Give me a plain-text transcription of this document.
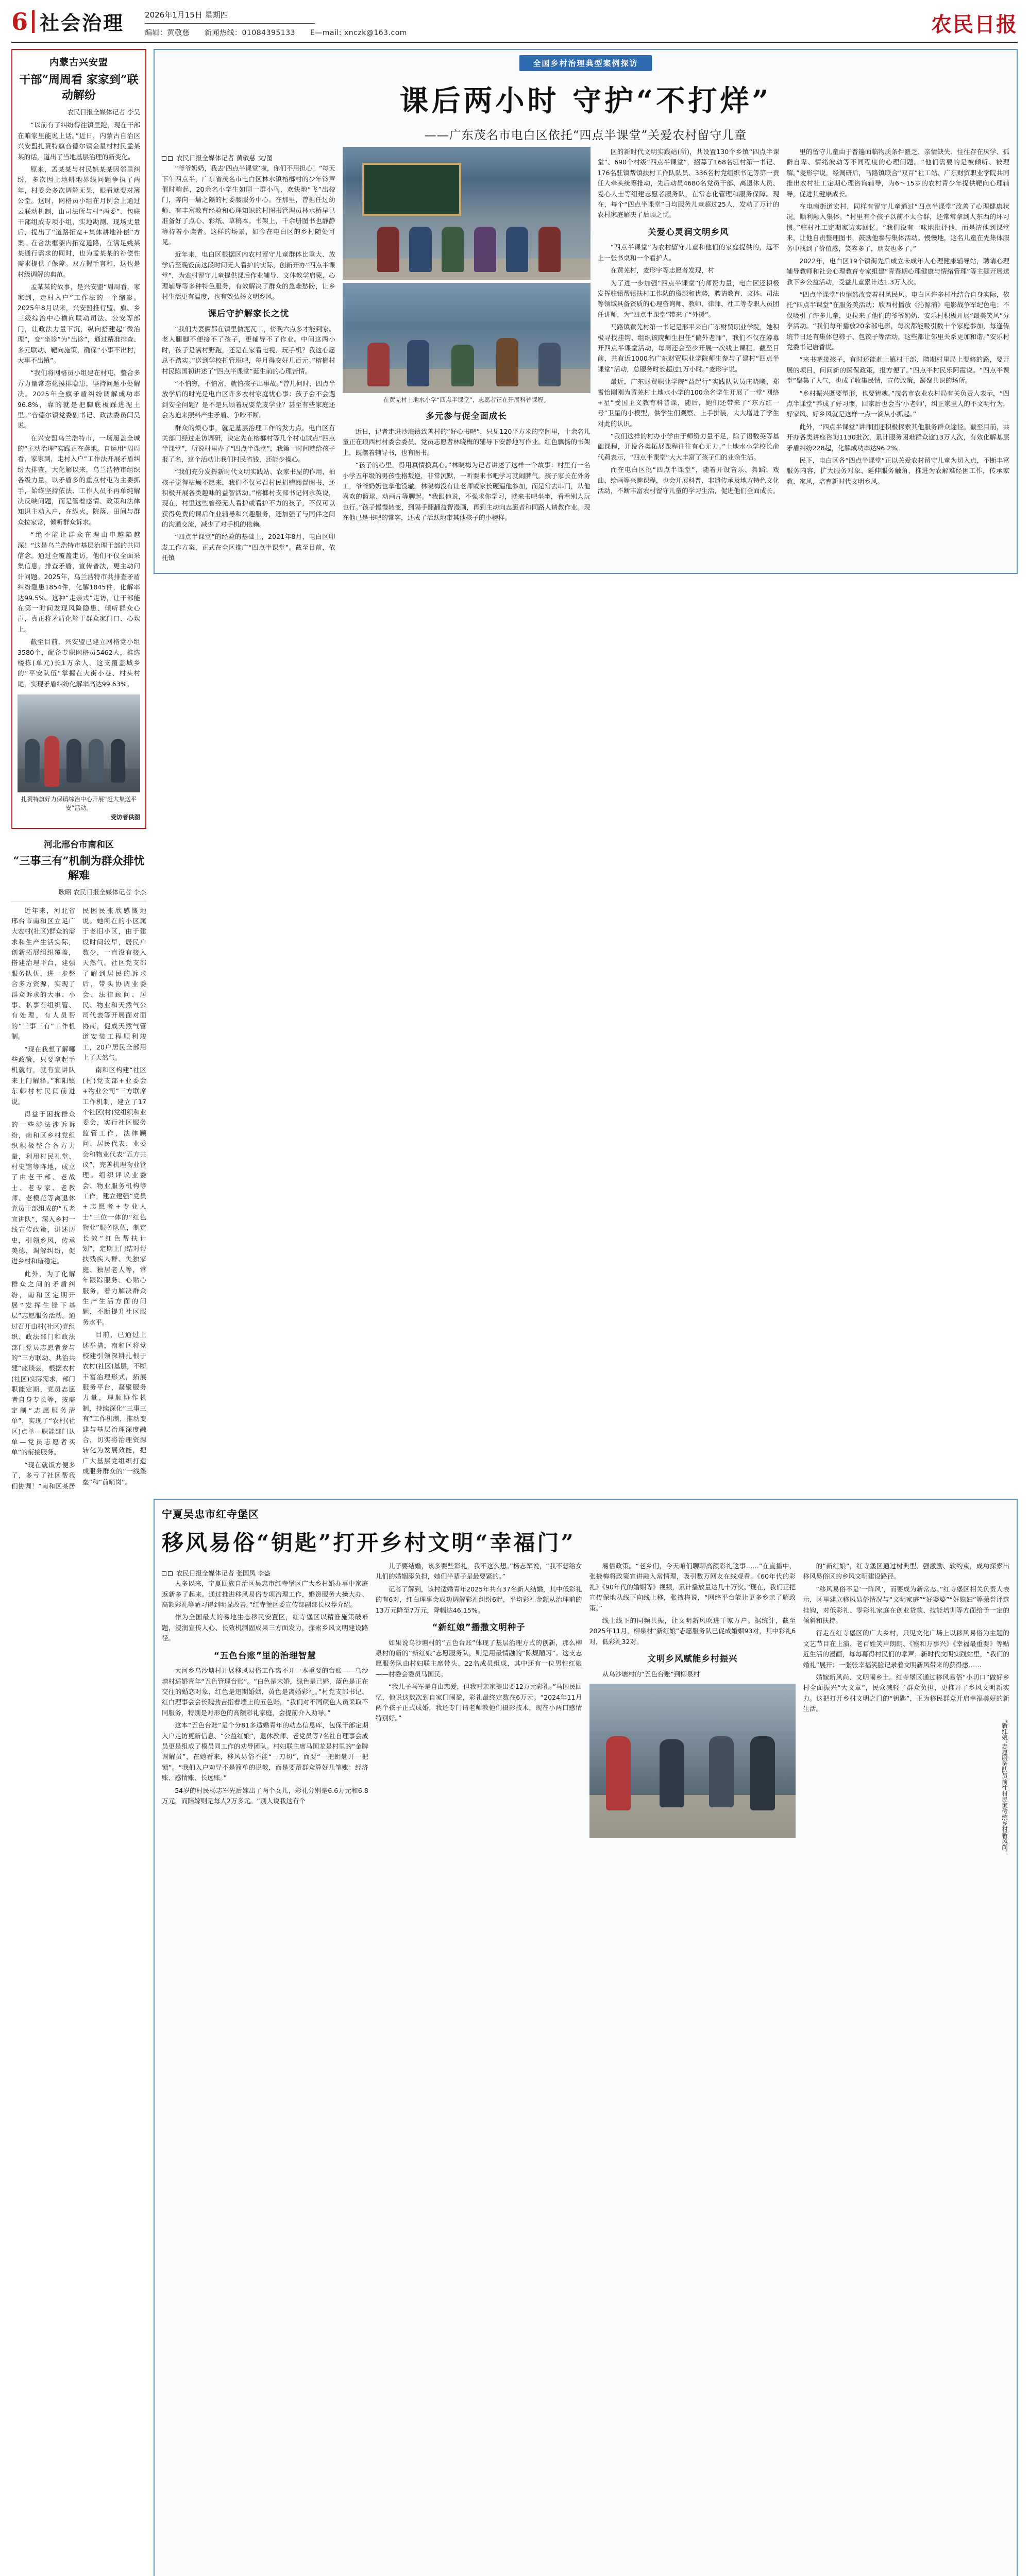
6 社会治理	2026年1月15日 星期四
编辑：黄敬慈　　新闻热线：01084395133　　E—mail: xnczk@163.com	农民日报
内蒙古兴安盟
干部“周周看 家家到”联动解纷
农民日报全媒体记者 李昊

“以前有了纠纷得往镇里跑，现在干部在咱家里能说上话。”近日，内蒙古自治区兴安盟扎赉特旗音德尔镇金星村村民孟某某的话，道出了当地基层治理的新变化。

原来，孟某某与村民姚某某因邻里纠纷，多次因土地耕地界线问题争执了两年，村委会多次调解无果，眼看就要对簿公堂。这时，网格员小组在月例会上通过云联动机制，由司法所与村“两委”、包联干部组成专项小组，实地勘测、现场丈量后，提出了“道路拓宽+集体耕地补偿”方案。在合法框架内拓宽道路，在满足姚某某通行需求的同时，也为孟某某的补偿性需求提供了保障。双方握手言和，这也是村级调解的典范。

孟某某的故事，是兴安盟“周周看，家家到，走村入户”工作法的一个缩影。2025年8月以来，兴安盟推行盟、旗、乡三级综治中心横向联动司法、公安等部门，让政法力量下沉，纵向搭建起“微治理”，变“坐诊”为“出诊”，通过精准排查、多元联动、靶向施策，确保“小事不出村，大事不出镇”。

“我们将网格员小组建在村屯，整合多方力量常态化摸排隐患，坚持问题小处解决。2025年全旗矛盾纠纷调解成功率96.8%，靠的就是把脚底板踩进泥土里。”音德尔镇党委副书记、政法委员闫昊说。

在兴安盟乌兰浩特市，一场履盖全城的“主动治理”实践正在落地。自运用“周周看，家家到，走村入户”工作法开展矛盾纠纷大排查，大化解以来，乌兰浩特市组织各级力量，以矛盾多的重点村屯为主要抓手，始终坚持依法、工作人员不再单纯解决反映问题，而是管着感情、政策和法律知识主动入户，在纵火、院落、田间与群众拉家常，倾听群众诉求。

“绝不能让群众在理由申越陷越深！”这是乌兰浩特市基层治理干部的共同信念。通过全覆盖走访，他们不仅全面采集信息，排查矛盾，宣传普法，更主动问计问题。2025年，乌兰浩特市共排查矛盾纠纷隐患1854件，化解1845件，化解率达99.5%。这种“走亲式”走访，让干部能在第一时间发现风险隐患、倾听群众心声，真正将矛盾化解于群众家门口、心坎上。

截至目前，兴安盟已建立网格党小组3580个，配备专职网格员5462人，推选楼栋(单元)长1万余人，这支覆盖城乡的“平安队伍”掌握在大街小巷、村头村尾，实现矛盾纠纷化解率高达99.63%。

扎赉特旗好力保镇综治中心开展“赶大集送平安”活动。
受访者供图
河北邢台市南和区
“三事三有”机制为群众排忧解难
耿昭 农民日报全媒体记者 李杰

近年来，河北省邢台市南和区立足广大农村(社区)群众的需求和生产生活实际，创新拓展组织覆盖，搭建治理平台，建强服务队伍，进一步整合多方资源，实现了群众诉求的大事、小事、私事有组织管、有处理，有人员帮的“三事三有”工作机制。

“现在我想了解哪些政策，只要拿起手机就行，就有宣讲队来上门解释。”和阳镇东韩村村民闫前进说。

得益于困扰群众的一些涉法涉诉诉纷，南和区乡村党组织积极整合各方力量，利用村民礼堂、村史馆等阵地，成立了由老干部、老战士、老专家、老教师、老模范等离退休党员干部组成的“五老宣讲队”，深入乡村一线宣传政策，讲述历史，引领乡风，传承美德，调解纠纷，促进乡村和谐稳定。

此外，为了化解群众之间的矛盾纠纷，南和区定期开展“发挥生锋下基层”志愿服务活动。通过召开由村(社区)党组织、政法部门和政法部门党员志愿者参与的“三方联动、共治共建”座谈会，根据农村(社区)实际需求，部门职能定期，党员志愿者自身专长等，按需定制“志愿服务清单”，实现了“农村(社区)点单—职能部门认单—党员志愿者买单”的衔接服务。

“现在就饭方便多了，多亏了社区帮我们协调！”南和区某居民困民张欣感慨地说。她所在的小区属于老旧小区，由于建设时间较早，居民户数少，一直没有接入天然气。社区党支部了解到居民的诉求后，带头协调业委会、法律顾问、居民、物业和天然气公司代表等开展面对面协商，促成天然气管道安装工程顺利竣工，20户居民全部用上了天然气。

南和区构建“社区(村)党支部+业委会+物业公司”三方联席工作机制，建立了17个社区(村)党组织和业委会，实行社区服务监管工作，法律顾问、居民代表、业委会和物业代表“五方共议”，完善机理物业管理。组织评议业委会、物业服务机构等工作，建立建强“党员+志愿者+专业人士”三位一体的“红色物业”服务队伍，制定长效“红色帮扶计划”，定期上门结对帮扶残疾人群、失独家庭、独居老人等，常年跟踪服务、心贴心服务，着力解决群众生产生活方面的问题，不断提升社区服务水平。

目前，已通过上述举措，南和区将党校建引领深耕扎根于农村(社区)基层，不断丰富治理形式，拓展服务平台，凝聚服务力量，理顺协作机制，持续深化“三事三有”工作机制，推动变建与基层治理深度融合，切实将治理资源转化为发展效能，把广大基层党组织打造成服务群众的“一线堡垒”和“前哨岗”。

全国乡村治理典型案例探访
课后两小时 守护“不打烊”
——广东茂名市电白区依托“四点半课堂”关爱农村留守儿童
农民日报全媒体记者 黄敬慈 文/图

“爷爷奶奶，我去‘四点半课堂’啦，你们不用担心！”每天下午四点半，广东省茂名市电白区林水镇榕榔村的少年铃声催时响起，20余名小学生如同一群小鸟，欢快地“飞”出校门，奔向一墙之隔的村委腰服务中心。在那里，曾担任过幼师、有丰富教育经验和心理知识的村图书管理员林水桥早已准备好了点心、彩纸、草稿本。书架上，千余册图书也静静等待着小读者。这样的场景，如今在电白区的乡村随处可见。

近年来，电白区根据区内农村留守儿童群体比重大、放学后至晚饭前这段时间无人看护的实际，创新开办“四点半课堂”，为农村留守儿童提供课后作业辅导、文体教学启蒙、心理辅导等多种特色服务，有效解决了群众的急难愁盼，让乡村生活更有温度，也有效弘扬文明乡风。

课后守护解家长之忧

“我们夫妻俩都在镇里做泥瓦工，傍晚六点多才能到家。老人腿脚不便接不了孩子，更辅导不了作业。中间这两小时，孩子是满村野跑，还是在家看电视、玩手机？我这心愿总不踏实。”送到学校托管班吧，每月得交好几百元。”榕榔村村民陈国初讲述了“四点半课堂”诞生前的心理苦情。

“不怕穷，不怕富，就怕孩子出事故。”曾几何时，四点半放学后的时光是电白区许多农村家庭忧心事：孩子会不会遇到安全问题？是不是只顾着玩耍荒废学业？甚至有些家庭还会为迫来照料产生矛盾、争吵不断。

群众的烦心事，就是基层治理工作的发力点。电白区有关部门经过走访调研，决定先在榕榔村等几个村屯试点“四点半课堂”，所说村里办了“四点半课堂”，我第一时间就给孩子报了名，这个活动让我们村民省钱，还能少操心。

“我们充分发挥新时代文明实践站、农家书屋的作用，拍孩子觉得枯燥不愿来，我们不仅号召村民捐赠阅置图书，还积极开展各类趣味的益智活动。”榕榔村支部书记何永英说，现在，村里这些曾经无人看护或看护不力的孩子，不仅可以获得免费的课后作业辅导和兴趣服务，还加强了与同伴之间的沟通交流，减少了对手机的依赖。

“四点半课堂”的经验的基础上，2021年8月，电白区印发工作方案，正式在全区推广“四点半课堂”。截至目前，依托镇

在黄羌村土地水小学“四点半课堂”，志愿者正在开展科普课程。
多元参与促全面成长

近日，记者走进沙琅镇致善村的“好心书吧”，只见120平方米的空间里，十余名儿童正在琅西村村委会委员、党员志愿者林晓梅的辅导下安静地写作业。红色飘扬的书架上，既摆着辅导书，也有图书。

“孩子的心里，得用真情换真心。”林晓梅为记者讲述了这样一个故事：村里有一名小学五年级的男孩性格叛逆，非常沉默，一听要来书吧学习就闹脾气。孩子家长在外务工，爷爷奶奶也拿他没辙。林晓梅没有让老师或家长硬逼他参加，而是常去串门，从他喜欢的篮球、动画片等聊起。“我跟他说，不强求你学习，就来书吧坐坐，看看别人玩也行。”孩子慢慢转变，到隔手翻翻益智漫画，再到主动向志愿者和同路人请教作业。现在他已是书吧的常客，还成了活跃地带其他孩子的小榜样。

区的新时代文明实践站(所)，共设置130个乡镇“四点半课堂”、690个村级“四点半课堂”，招募了168名驻村第一书记、176名驻镇帮镇扶村工作队队员、336名村党组织书记等第一责任人牵头统筹推动，先后动员4680名党员干部、离退休人员、爱心人士等组建志愿者服务队，在常态化管理和服务保障。现在，每个“四点半课堂”日均服务儿童超过25人，发动了万计的农村家庭解决了后顾之忧。

关爱心灵润文明乡风

“四点半课堂”为农村留守儿童和他们的家庭提供的，远不止一张书桌和一个看护人。

在黄芜村，麦形宇等志愿者发现，村

为了进一步加强“四点半课堂”的师资力量，电白区还积极发挥驻镇帮镇扶村工作队的资源和优势，聘请教育、文体、司法等领域具备资质的心理咨询师、教师、律师、社工等专职人员团任讲师，为“四点半课堂”带来了“外援”。

马路镇黄芜村第一书记是形平来自广东财贸职业学院，她积极寻找挂钩、组织该院师生担任“偏外老师”，我们不仅在筹募开四点半课堂活动，每周还会至少开展一次线上课程。截至目前，共有近1000名广东财贸职业学院师生参与了建村“四点半课堂”活动，总服务时长超过1万小时。”麦形宇说。

最近，广东财贸职业学院“益起行”实践队队员庄晓曦、郑霄怡刚刚为黄芜村土地水小学的100余名学生开展了一堂“网络+星”受国主义教育科普课，随后，她们还带来了“东方红一号”卫星的小模型，供学生们观察、上手拼装，大大增进了学生对此的认识。

“我们这样的村办小学由于师资力量不足，除了语数英等基础课程，开设各类拓展课程往往有心无力。”土地水小学校长俞代莉表示，“四点半课堂”大大丰富了孩子们的业余生活。

而在电白区挑“四点半课堂”，随着开设音乐、舞蹈、戏曲、绘画等兴趣课程，也会开展科普、非遗传承及地方特色文化活动，不断丰富农村留守儿童的学习生活，促进他们全面成长。

里的留守儿童由于普遍面临物质条件匮乏、亲情缺失、往往存在厌学、孤僻自卑、情绪波动等不同程度的心理问题。“他们需要的是被倾听、被理解。”麦形宇说，经调研后，马路镇联合“双百”社工站、广东财贸职业学院共同推出农村社工定期心理咨询辅导，为6～15岁的农村青少年提供靶向心理辅导，促进其健康成长。

在电南街道宏村，同样有留守儿童通过“四点半课堂”改善了心理健康状况。顺利融入集体。“村里有个孩子以前不太合群，还常常拿到人东西的坏习惯。”驻村社工定期家访实回忆。“我们没有一味地批评他，而是请他到课堂来，让他自责整理图书，鼓励他参与集体活动。慢慢地，这名儿童在先集体服务中找到了价值感，笑容多了，朋友也多了。”

2022年，电白区19个镇街先后成立未成年人心理健康辅导站，聘请心理辅导教师和社会心理教育专家组建“青春期心理健康与情绪管理”等主题开展送教下乡公益活动，受益儿童累计达1.3万人次。

“四点半课堂”也悄然改变着村风民风。电白区许多村社结合自身实际，依托“四点半课堂”在服务美活动；欣西村播放《沁源浦》电影战争军纪色电；不仅吸引了许多儿童，更拉来了他们的爷爷奶奶、安乐村积极开展“最美笑风”分享活动。“我们每年播放20余部电影，每次都能吸引数十个家庭参加，每逢传统节日还有集体包粽子、包饺子等活动，这些都让邻里关系更加和谐。”安乐村党委书记唐香说。

“来书吧接孩子，有时还能赶上镇村干部、聘期村里局上要修的路，要开展的项目，问问新的医保政策，报方便了。”四点半村民乐阿霞说。“四点半课堂”聚集了人气，也成了收集民情，宣传政策，凝聚共识的场所。

“乡村振兴既要塑形，也要铸魂。”茂名市农业农村局有关负责人表示，“四点半课堂”养成了好习惯，回家后也会当‘小老师’，纠正家里人的不文明行为，好家风、好乡风就是这样一点一滴从小抓起。”

此外，“四点半课堂”讲师团还积极探索其他服务群众途径。截至目前，共开办各类讲座咨询1130批次，累计服务困难群众逾13万人次，有效化解基层矛盾纠纷228起，化解成功率达96.2%。

民下，电白区各“四点半课堂”正以关爱农村留守儿童为切入点，不断丰富服务内容，扩大服务对象、延伸服务触角，推进为农解难经困工作，传承家教、家风，培育新时代文明乡风。

宁夏吴忠市红寺堡区
移风易俗“钥匙”打开乡村文明“幸福门”
农民日报全媒体记者 张国凤 李盎

人多以来，宁夏回族自治区吴忠市红寺堡区广大乡村婚办事中家庭返新多了起来。通过推进移风易俗专项治理工作，婚资服务大操大办、高额彩礼等陋习得到明显改善。”红寺堡区委宣传部副部长权荐介绍。

作为全国最大的易地生态移民安置区，红寺堡区以精准施策破难题，浸润宣传人心、长效机制固成果三方面发力，探索乡风文明建设路径。

“五色台账”里的治理智慧

大河乡乌沙塘村开展移风易俗工作离不开一本重要的台账——乌沙塘村适婚青年“五色管理台账”。“白色是未婚，绿色是已婚，蓝色是正在交往的婚恋对象，红色是违期婚姻，黄色是离婚彩礼。”村党支部书记、红白理事会会长魏勃吉指着墙上的五色账，“我们对不同颜色人员采取不同服务，特别是对形色的高额彩礼家庭，会提前介入劝导。”

这本“五色台账”是个分81多适婚青年的动态信息库，包保干部定期入户走访更新信息、“公益红娘”，退休教师、老党员等7名社自理事会成员更是组成了模员同工作的劝导团队。村妇联主席马国龙是村里的“金牌调解员”，在她看来，移风易俗不能“一刀切”，而要“一把钥匙开一把锁”。“我们入户劝导不是简单的说教，而是要帮群众算好几笔账：经济账、感情账、长远账。”

54岁的村民杨志军先后嫁出了两个女儿，彩礼分别是6.6万元和6.8万元，而陪嫁则是每人2万多元。“别人说我这有个

儿子要结婚，该多要些彩礼，我不这么想。”杨志军说，“我不想给女儿们的婚姻添负担，她们半辈子是最要紧的。”

记者了解到，该村适婚青年2025年共有37名新人结婚，其中低彩礼的有6对，红白理事会成功调解彩礼纠纷6起，平均彩礼金额从治理前的13万元降至7万元，降幅达46.15%。

“新红娘”播撒文明种子

如果说乌沙塘村的“五色台账”体现了基层治理方式的创新，那么柳泉村的新的“新红娘”志愿服务队，则是用最情融的“陈规陋习”。这支志愿服务队由村妇联主席带头、22名成员组成，其中还有一位男性红娘——村委会委员马国民。

“我儿子马军是自由恋爱，但我对亲家提出要12万元彩礼。”马国民回忆，他说这数次到自家门闹盈，彩礼最终定数在6万元。“2024年11月两个孩子正式成婚，我还专门请老师教他们摄影技术，现在小两口感情特别好。”

易俗政策。“老乡们，今天咱们聊聊高额彩礼这事……”在直播中，张掖梅将政策宣讲融入常情理，吸引数万网友在线观看。《60年代的彩礼》《90年代的婚姻等》视频，累计播放量达几十万次。”现在，我们正把宣传保地从线下向线上移，张掖梅说，“网络平台能让更多乡亲了解政策。”

线上线下的同频共振，让文明新风吹进千家万户。据统计，截至2025年11月，柳泉村“新红娘”志愿服务队已促成婚姻93对，其中彩礼6对，低彩礼32对。

文明乡风赋能乡村振兴

从乌沙塘村的“五色台账”到柳泉村

的“新红娘”，红寺堡区通过树典型、强激励、软约束，成功探索出移风易俗区的乡风文明建设路径。

“移风易俗不是‘一阵风’，而要成为新常态。”红寺堡区相关负责人表示，区里建立移风易俗情况与“文明家庭”“好婆婆”“好媳妇”等荣誉评选挂钩，对低彩礼、零彩礼家庭在创业贷款、技能培训等方面给予一定的倾斜和扶持。

行走在红寺堡区的广大乡村，只见文化广场上以移风易俗为主题的文艺节目在上演、老百姓笑声朗朗、《察和万事兴》《幸福最重要》等贴近生活的漫画，每每幕得村民们的掌声；新时代文明实践站里，“我们的婚礼”展开；一张张幸福笑脸记录着文明新风带来的获得感……

婚嫁新风尚、文明闹乡土。红寺堡区通过移风易俗“小切口”做好乡村全面振兴“大文章”，民众减轻了群众负担，更推开了乡风文明新实力。这把打开乡村文明之门的“钥匙”，正为移民群众开启幸福美好的新生活。

“新红娘”志愿服务队员前往村民家传统乡村新风尚。
